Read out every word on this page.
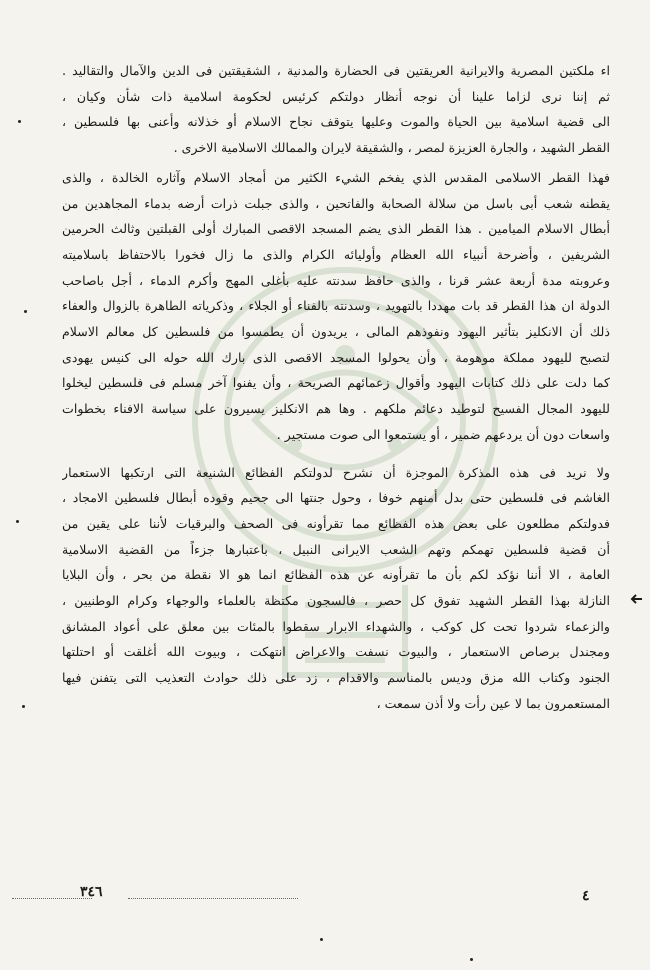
اء ملكتين المصرية والايرانية العريقتين فى الحضارة والمدنية ، الشقيقتين فى الدين والآمال والتقاليد .
ثم إننا نرى لزاما علينا أن نوجه أنظار دولتكم كرئيس لحكومة اسلامية ذات شأن وكيان ،
الى قضية اسلامية بين الحياة والموت وعليها يتوقف نجاح الاسلام أو خذلانه وأعنى بها فلسطين ،
القطر الشهيد ، والجارة العزيزة لمصر ، والشقيقة لايران والممالك الاسلامية الاخرى .
فهذا القطر الاسلامى المقدس الذي يفخم الشيء الكثير من أمجاد الاسلام وآثاره الخالدة ، والذى
يقطنه شعب أبى باسل من سلالة الصحابة والفاتحين ، والذى جبلت ذرات أرضه بدماء المجاهدين من
أبطال الاسلام الميامين . هذا القطر الذى يضم المسجد الاقصى المبارك أولى القبلتين وثالث الحرمين
الشريفين ، وأضرحة أنبياء الله العظام وأوليائه الكرام والذى ما زال فخورا بالاحتفاظ باسلاميته
وعروبته مدة أربعة عشر قرنا ، والذى حافظ سدنته عليه بأغلى المهج وأكرم الدماء ، أجل باصاحب
الدولة ان هذا القطر قد بات مهددا بالتهويد ، وسدنته بالفناء أو الجلاء ، وذكرياته الطاهرة بالزوال والعفاء
ذلك أن الانكليز بتأثير اليهود ونفوذهم المالى ، يريدون أن يطمسوا من فلسطين كل معالم الاسلام
لتصبح لليهود مملكة موهومة ، وأن يحولوا المسجد الاقصى الذى بارك الله حوله الى كنيس يهودى
كما دلت على ذلك كتابات اليهود وأقوال زعمائهم الصريحة ، وأن يفنوا آخر مسلم فى فلسطين ليخلوا
لليهود المجال الفسيح لتوطيد دعائم ملكهم . وها هم الانكليز يسيرون على سياسة الافناء بخطوات
واسعات دون أن يردعهم ضمير ، أو يستمعوا الى صوت مستجير .
ولا نريد فى هذه المذكرة الموجزة أن نشرح لدولتكم الفظائع الشنيعة التى ارتكبها الاستعمار
الغاشم فى فلسطين حتى بدل أمنهم خوفا ، وحول جنتها الى جحيم وقوده أبطال فلسطين الامجاد ،
فدولتكم مطلعون على بعض هذه الفظائع مما تقرأونه فى الصحف والبرقيات لأننا على يقين من
أن قضية فلسطين تهمكم وتهم الشعب الايرانى النبيل ، باعتبارها جزءاً من القضية الاسلامية
العامة ، الا أننا نؤكد لكم بأن ما تقرأونه عن هذه الفظائع انما هو الا نقطة من بحر ، وأن البلايا
النازلة بهذا القطر الشهيد تفوق كل حصر ، فالسجون مكتظة بالعلماء والوجهاء وكرام الوطنيين ،
والزعماء شردوا تحت كل كوكب ، والشهداء الابرار سقطوا بالمئات بين معلق على أعواد المشانق
ومجندل برصاص الاستعمار ، والبيوت نسفت والاعراض انتهكت ، وبيوت الله أغلقت أو احتلتها
الجنود وكتاب الله مزق وديس بالمناسم والاقدام ، زد على ذلك حوادث التعذيب التى يتفنن فيها
المستعمرون بما لا عين رأت ولا أذن سمعت ،
٣٤٦	٤
